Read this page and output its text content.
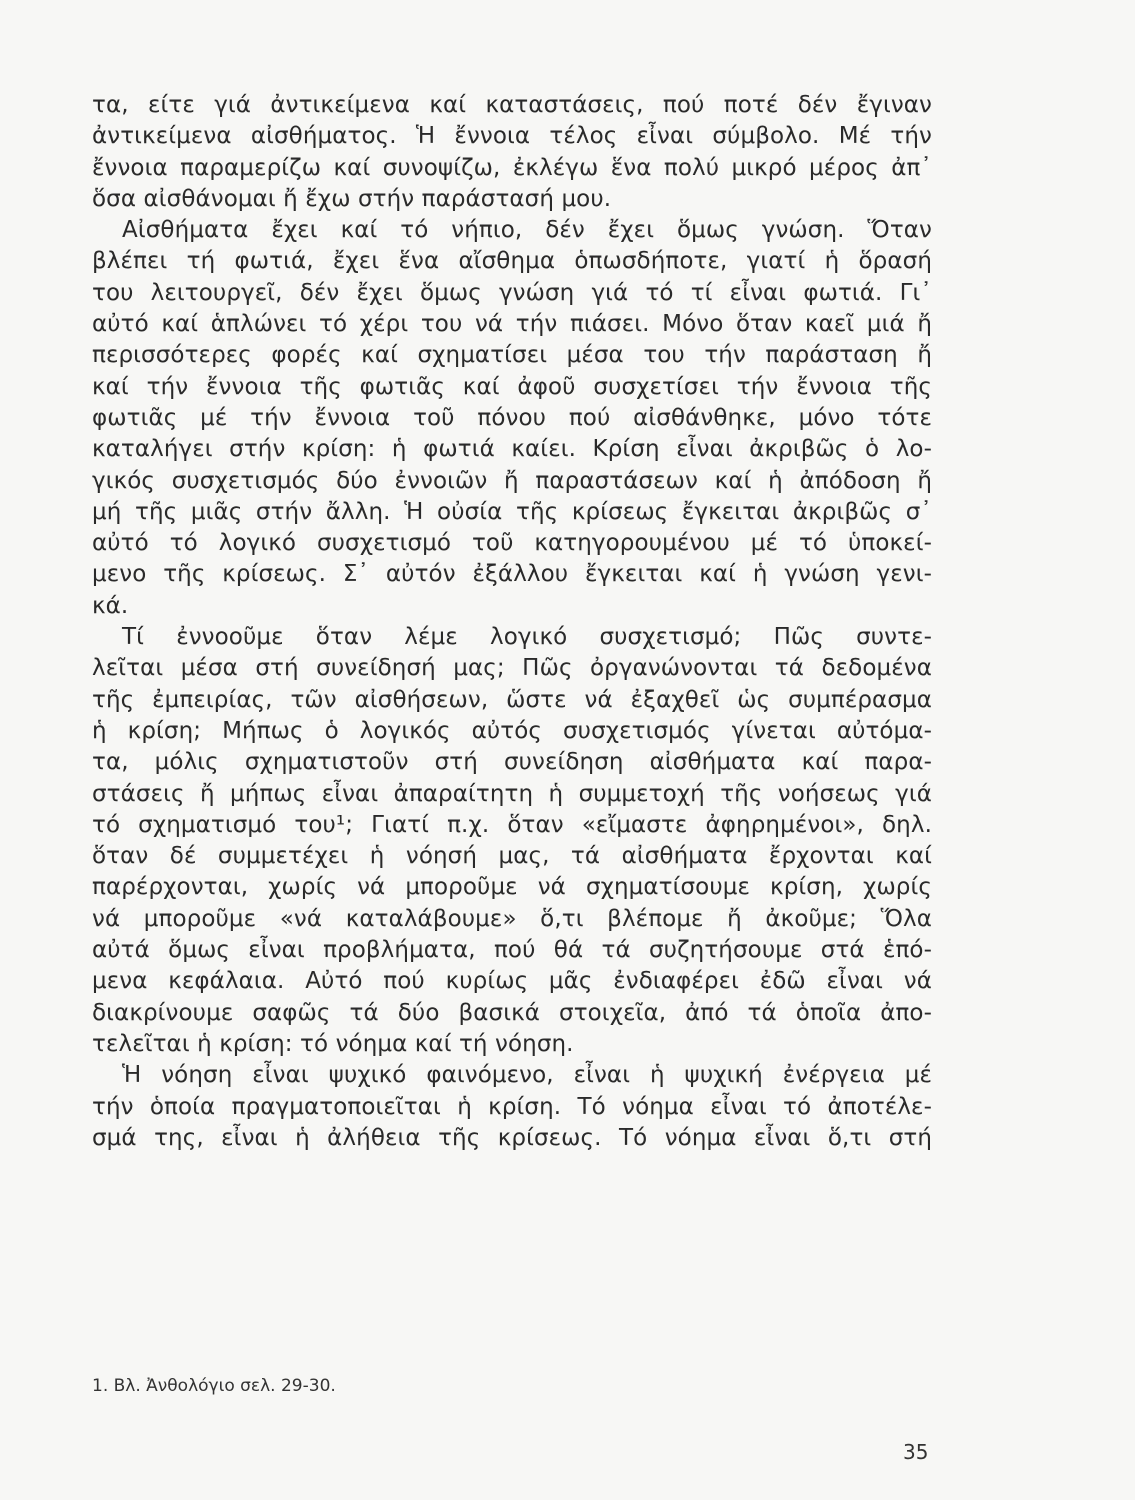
τα, είτε γιά ἀντικείμενα καί καταστάσεις, πού ποτέ δέν ἔγιναν
ἀντικείμενα αἰσθήματος. Ἡ ἔννοια τέλος εἶναι σύμβολο. Μέ τήν
ἔννοια παραμερίζω καί συνοψίζω, ἐκλέγω ἕνα πολύ μικρό μέρος ἀπ᾽
ὅσα αἰσθάνομαι ἤ ἔχω στήν παράστασή μου.
Αἰσθήματα ἔχει καί τό νήπιο, δέν ἔχει ὅμως γνώση. Ὅταν
βλέπει τή φωτιά, ἔχει ἕνα αἴσθημα ὁπωσδήποτε, γιατί ἡ ὅρασή
του λειτουργεῖ, δέν ἔχει ὅμως γνώση γιά τό τί εἶναι φωτιά. Γι᾽
αὐτό καί ἁπλώνει τό χέρι του νά τήν πιάσει. Μόνο ὅταν καεῖ μιά ἤ
περισσότερες φορές καί σχηματίσει μέσα του τήν παράσταση ἤ
καί τήν ἔννοια τῆς φωτιᾶς καί ἀφοῦ συσχετίσει τήν ἔννοια τῆς
φωτιᾶς μέ τήν ἔννοια τοῦ πόνου πού αἰσθάνθηκε, μόνο τότε
καταλήγει στήν κρίση: ἡ φωτιά καίει. Κρίση εἶναι ἀκριβῶς ὁ λο-
γικός συσχετισμός δύο ἐννοιῶν ἤ παραστάσεων καί ἡ ἀπόδοση ἤ
μή τῆς μιᾶς στήν ἄλλη. Ἡ οὐσία τῆς κρίσεως ἔγκειται ἀκριβῶς σ᾽
αὐτό τό λογικό συσχετισμό τοῦ κατηγορουμένου μέ τό ὑποκεί-
μενο τῆς κρίσεως. Σ᾽ αὐτόν ἐξάλλου ἔγκειται καί ἡ γνώση γενι-
κά.
Τί ἐννοοῦμε ὅταν λέμε λογικό συσχετισμό; Πῶς συντε-
λεῖται μέσα στή συνείδησή μας; Πῶς ὀργανώνονται τά δεδομένα
τῆς ἐμπειρίας, τῶν αἰσθήσεων, ὥστε νά ἐξαχθεῖ ὡς συμπέρασμα
ἡ κρίση; Μήπως ὁ λογικός αὐτός συσχετισμός γίνεται αὐτόμα-
τα, μόλις σχηματιστοῦν στή συνείδηση αἰσθήματα καί παρα-
στάσεις ἤ μήπως εἶναι ἀπαραίτητη ἡ συμμετοχή τῆς νοήσεως γιά
τό σχηματισμό του¹; Γιατί π.χ. ὅταν «εἴμαστε ἀφηρημένοι», δηλ.
ὅταν δέ συμμετέχει ἡ νόησή μας, τά αἰσθήματα ἔρχονται καί
παρέρχονται, χωρίς νά μποροῦμε νά σχηματίσουμε κρίση, χωρίς
νά μποροῦμε «νά καταλάβουμε» ὅ,τι βλέπομε ἤ ἀκοῦμε; Ὅλα
αὐτά ὅμως εἶναι προβλήματα, πού θά τά συζητήσουμε στά ἑπό-
μενα κεφάλαια. Αὐτό πού κυρίως μᾶς ἐνδιαφέρει ἐδῶ εἶναι νά
διακρίνουμε σαφῶς τά δύο βασικά στοιχεῖα, ἀπό τά ὁποῖα ἀπο-
τελεῖται ἡ κρίση: τό νόημα καί τή νόηση.
Ἡ νόηση εἶναι ψυχικό φαινόμενο, εἶναι ἡ ψυχική ἐνέργεια μέ
τήν ὁποία πραγματοποιεῖται ἡ κρίση. Τό νόημα εἶναι τό ἀποτέλε-
σμά της, εἶναι ἡ ἀλήθεια τῆς κρίσεως. Τό νόημα εἶναι ὅ,τι στή
1. Βλ. Ἀνθολόγιο σελ. 29-30.
35
